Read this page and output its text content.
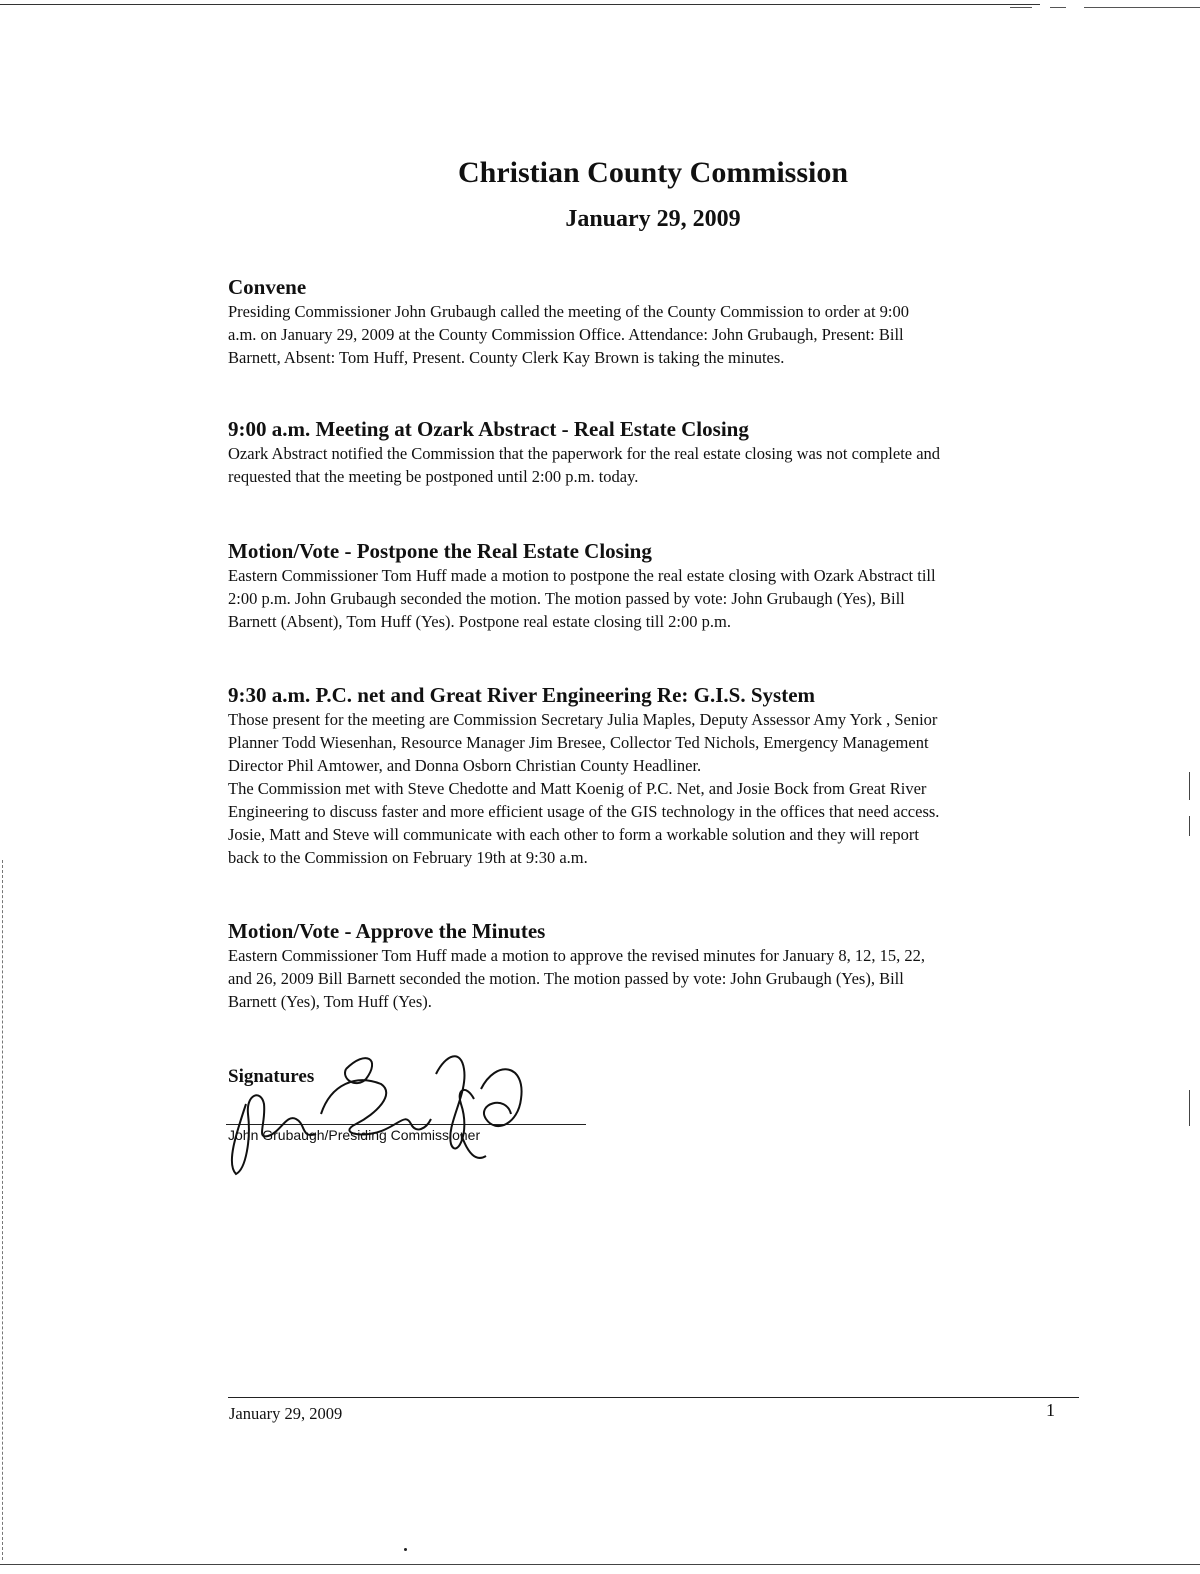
Christian County Commission
January 29, 2009
Convene
Presiding Commissioner John Grubaugh called the meeting of the County Commission to order at 9:00
a.m. on January 29, 2009 at the County Commission Office. Attendance: John Grubaugh, Present: Bill
Barnett, Absent: Tom Huff, Present. County Clerk Kay Brown is taking the minutes.
9:00 a.m. Meeting at Ozark Abstract - Real Estate Closing
Ozark Abstract notified the Commission that the paperwork for the real estate closing was not complete and
requested that the meeting be postponed until 2:00 p.m. today.
Motion/Vote - Postpone the Real Estate Closing
Eastern Commissioner Tom Huff made a motion to postpone the real estate closing with Ozark Abstract till
2:00 p.m. John Grubaugh seconded the motion. The motion passed by vote: John Grubaugh (Yes), Bill
Barnett (Absent), Tom Huff (Yes). Postpone real estate closing till 2:00 p.m.
9:30 a.m. P.C. net and Great River Engineering Re: G.I.S. System
Those present for the meeting are Commission Secretary Julia Maples, Deputy Assessor Amy York , Senior
Planner Todd Wiesenhan, Resource Manager Jim Bresee, Collector Ted Nichols, Emergency Management
Director Phil Amtower, and Donna Osborn Christian County Headliner.
The Commission met with Steve Chedotte and Matt Koenig of P.C. Net, and Josie Bock from Great River
Engineering to discuss faster and more efficient usage of the GIS technology in the offices that need access.
Josie, Matt and Steve will communicate with each other to form a workable solution and they will report
back to the Commission on February 19th at 9:30 a.m.
Motion/Vote - Approve the Minutes
Eastern Commissioner Tom Huff made a motion to approve the revised minutes for January 8, 12, 15, 22,
and 26, 2009 Bill Barnett seconded the motion. The motion passed by vote: John Grubaugh (Yes), Bill
Barnett (Yes), Tom Huff (Yes).
Signatures
John Grubaugh/Presiding Commissioner
January 29, 2009	1
